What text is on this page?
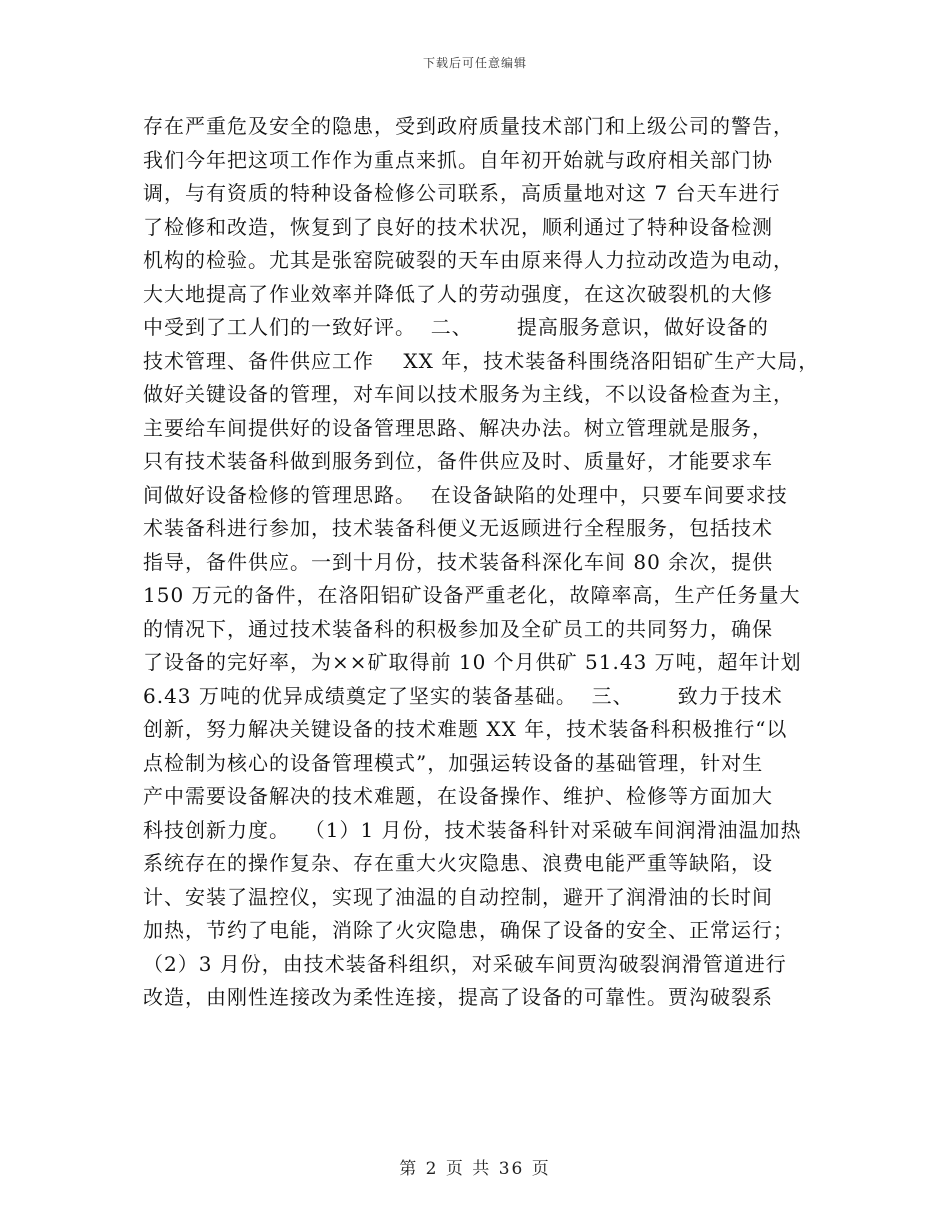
下载后可任意编辑
存在严重危及安全的隐患，受到政府质量技术部门和上级公司的警告，
我们今年把这项工作作为重点来抓。自年初开始就与政府相关部门协
调，与有资质的特种设备检修公司联系，高质量地对这 7 台天车进行
了检修和改造，恢复到了良好的技术状况，顺利通过了特种设备检测
机构的检验。尤其是张窑院破裂的天车由原来得人力拉动改造为电动，
大大地提高了作业效率并降低了人的劳动强度，在这次破裂机的大修
中受到了工人们的一致好评。  二、      提高服务意识，做好设备的
技术管理、备件供应工作    XX 年，技术装备科围绕洛阳铝矿生产大局，
做好关键设备的管理，对车间以技术服务为主线，不以设备检查为主，
主要给车间提供好的设备管理思路、解决办法。树立管理就是服务，
只有技术装备科做到服务到位，备件供应及时、质量好，才能要求车
间做好设备检修的管理思路。  在设备缺陷的处理中，只要车间要求技
术装备科进行参加，技术装备科便义无返顾进行全程服务，包括技术
指导，备件供应。一到十月份，技术装备科深化车间 80 余次，提供
150 万元的备件，在洛阳铝矿设备严重老化，故障率高，生产任务量大
的情况下，通过技术装备科的积极参加及全矿员工的共同努力，确保
了设备的完好率，为××矿取得前 10 个月供矿 51.43 万吨，超年计划
6.43 万吨的优异成绩奠定了坚实的装备基础。  三、      致力于技术
创新，努力解决关键设备的技术难题 XX 年，技术装备科积极推行“以
点检制为核心的设备管理模式”，加强运转设备的基础管理，针对生
产中需要设备解决的技术难题，在设备操作、维护、检修等方面加大
科技创新力度。  （1）1 月份，技术装备科针对采破车间润滑油温加热
系统存在的操作复杂、存在重大火灾隐患、浪费电能严重等缺陷，设
计、安装了温控仪，实现了油温的自动控制，避开了润滑油的长时间
加热，节约了电能，消除了火灾隐患，确保了设备的安全、正常运行；
（2）3 月份，由技术装备科组织，对采破车间贾沟破裂润滑管道进行
改造，由刚性连接改为柔性连接，提高了设备的可靠性。贾沟破裂系
第 2 页 共 36 页
